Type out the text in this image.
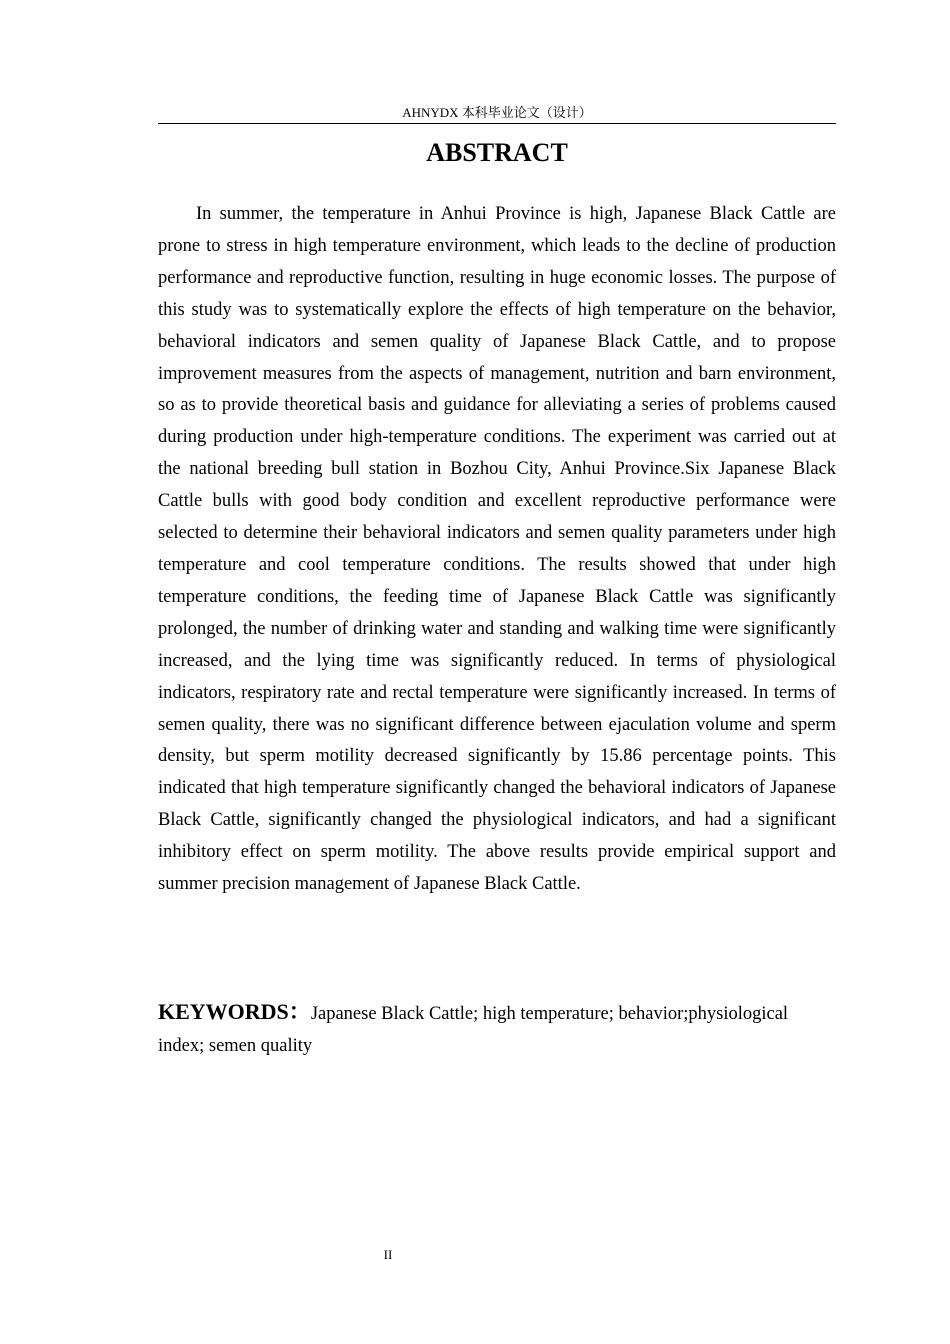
AHNYDX 本科毕业论文（设计）
ABSTRACT

In summer, the temperature in Anhui Province is high, Japanese Black Cattle are prone to stress in high temperature environment, which leads to the decline of production performance and reproductive function, resulting in huge economic losses. The purpose of this study was to systematically explore the effects of high temperature on the behavior, behavioral indicators and semen quality of Japanese Black Cattle, and to propose improvement measures from the aspects of management, nutrition and barn environment, so as to provide theoretical basis and guidance for alleviating a series of problems caused during production under high-temperature conditions. The experiment was carried out at the national breeding bull station in Bozhou City, Anhui Province.Six Japanese Black Cattle bulls with good body condition and excellent reproductive performance were selected to determine their behavioral indicators and semen quality parameters under high temperature and cool temperature conditions. The results showed that under high temperature conditions, the feeding time of Japanese Black Cattle was significantly prolonged, the number of drinking water and standing and walking time were significantly increased, and the lying time was significantly reduced. In terms of physiological indicators, respiratory rate and rectal temperature were significantly increased. In terms of semen quality, there was no significant difference between ejaculation volume and sperm density, but sperm motility decreased significantly by 15.86 percentage points. This indicated that high temperature significantly changed the behavioral indicators of Japanese Black Cattle, significantly changed the physiological indicators, and had a significant inhibitory effect on sperm motility. The above results provide empirical support and summer precision management of Japanese Black Cattle.

KEYWORDS：Japanese Black Cattle; high temperature; behavior;physiological index; semen quality

II
